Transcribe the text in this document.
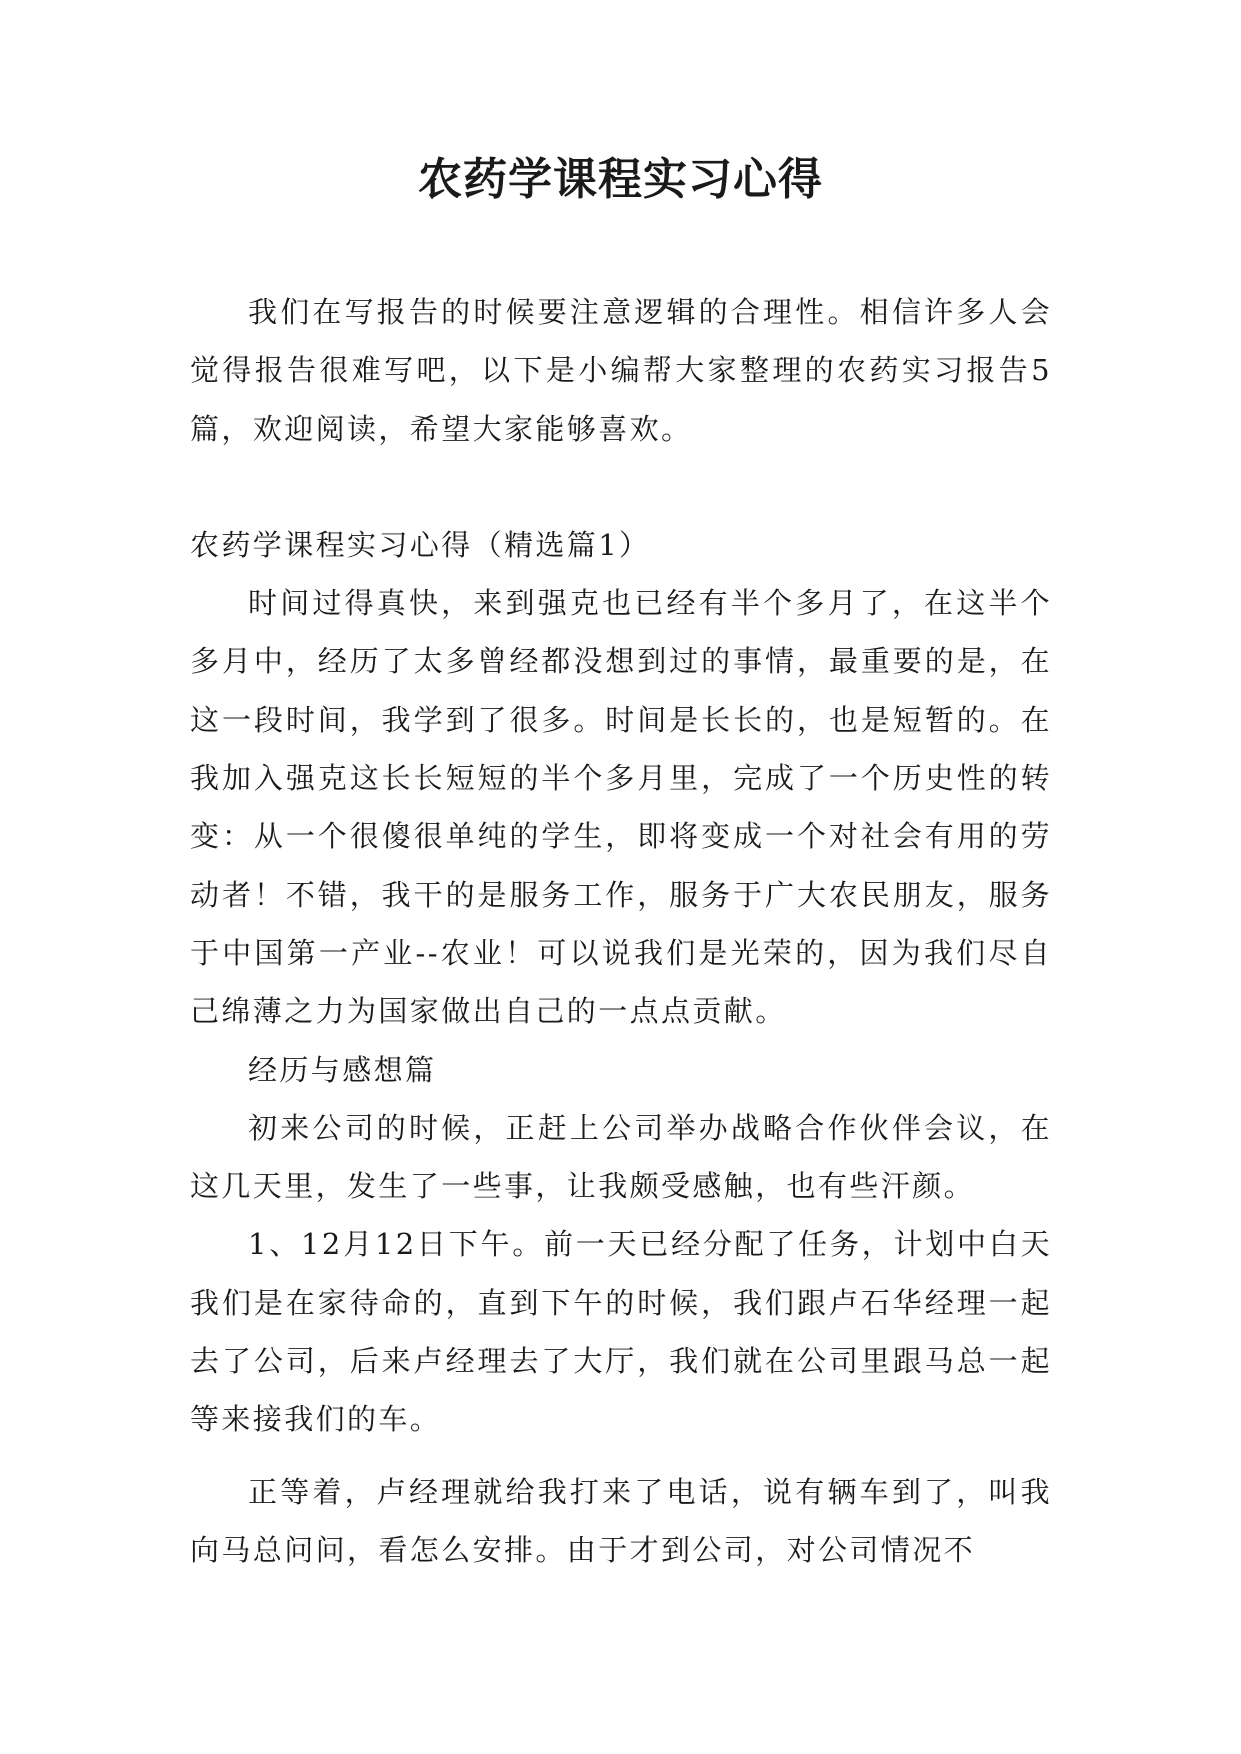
农药学课程实习心得

我们在写报告的时候要注意逻辑的合理性。相信许多人会觉得报告很难写吧，以下是小编帮大家整理的农药实习报告5篇，欢迎阅读，希望大家能够喜欢。

农药学课程实习心得（精选篇1）

时间过得真快，来到强克也已经有半个多月了，在这半个多月中，经历了太多曾经都没想到过的事情，最重要的是，在这一段时间，我学到了很多。时间是长长的，也是短暂的。在我加入强克这长长短短的半个多月里，完成了一个历史性的转变：从一个很傻很单纯的学生，即将变成一个对社会有用的劳动者！不错，我干的是服务工作，服务于广大农民朋友，服务于中国第一产业--农业！可以说我们是光荣的，因为我们尽自己绵薄之力为国家做出自己的一点点贡献。

经历与感想篇

初来公司的时候，正赶上公司举办战略合作伙伴会议，在这几天里，发生了一些事，让我颇受感触，也有些汗颜。

1、12月12日下午。前一天已经分配了任务，计划中白天我们是在家待命的，直到下午的时候，我们跟卢石华经理一起去了公司，后来卢经理去了大厅，我们就在公司里跟马总一起等来接我们的车。

正等着，卢经理就给我打来了电话，说有辆车到了，叫我向马总问问，看怎么安排。由于才到公司，对公司情况不
